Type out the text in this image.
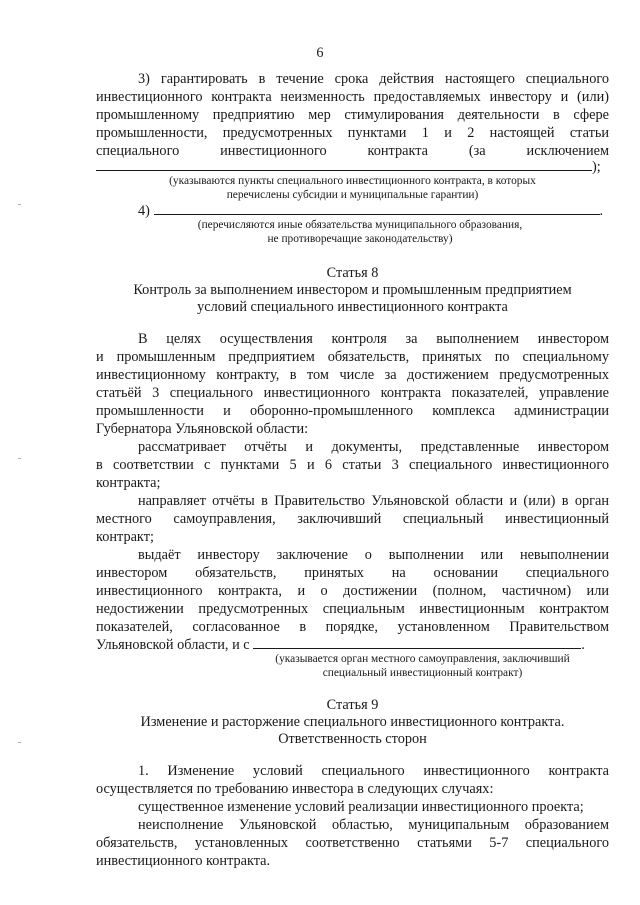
6
3) гарантировать в течение срока действия настоящего специального
инвестиционного контракта неизменность предоставляемых инвестору и (или)
промышленному предприятию мер стимулирования деятельности в сфере
промышленности, предусмотренных пунктами 1 и 2 настоящей статьи
специального инвестиционного контракта (за исключением
);
(указываются пункты специального инвестиционного контракта, в которых
перечислены субсидии и муниципальные гарантии)
4)	.
(перечисляются иные обязательства муниципального образования,
не противоречащие законодательству)
Статья 8
Контроль за выполнением инвестором и промышленным предприятием
условий специального инвестиционного контракта
В целях осуществления контроля за выполнением инвестором
и промышленным предприятием обязательств, принятых по специальному
инвестиционному контракту, в том числе за достижением предусмотренных
статьёй 3 специального инвестиционного контракта показателей, управление
промышленности и оборонно-промышленного комплекса администрации
Губернатора Ульяновской области:
рассматривает отчёты и документы, представленные инвестором
в соответствии с пунктами 5 и 6 статьи 3 специального инвестиционного
контракта;
направляет отчёты в Правительство Ульяновской области и (или) в орган
местного самоуправления, заключивший специальный инвестиционный
контракт;
выдаёт инвестору заключение о выполнении или невыполнении
инвестором обязательств, принятых на основании специального
инвестиционного контракта, и о достижении (полном, частичном) или
недостижении предусмотренных специальным инвестиционным контрактом
показателей, согласованное в порядке, установленном Правительством
Ульяновской области, и с	.
(указывается орган местного самоуправления, заключивший
специальный инвестиционный контракт)
Статья 9
Изменение и расторжение специального инвестиционного контракта.
Ответственность сторон
1. Изменение условий специального инвестиционного контракта
осуществляется по требованию инвестора в следующих случаях:
существенное изменение условий реализации инвестиционного проекта;
неисполнение Ульяновской областью, муниципальным образованием
обязательств, установленных соответственно статьями 5-7 специального
инвестиционного контракта.
